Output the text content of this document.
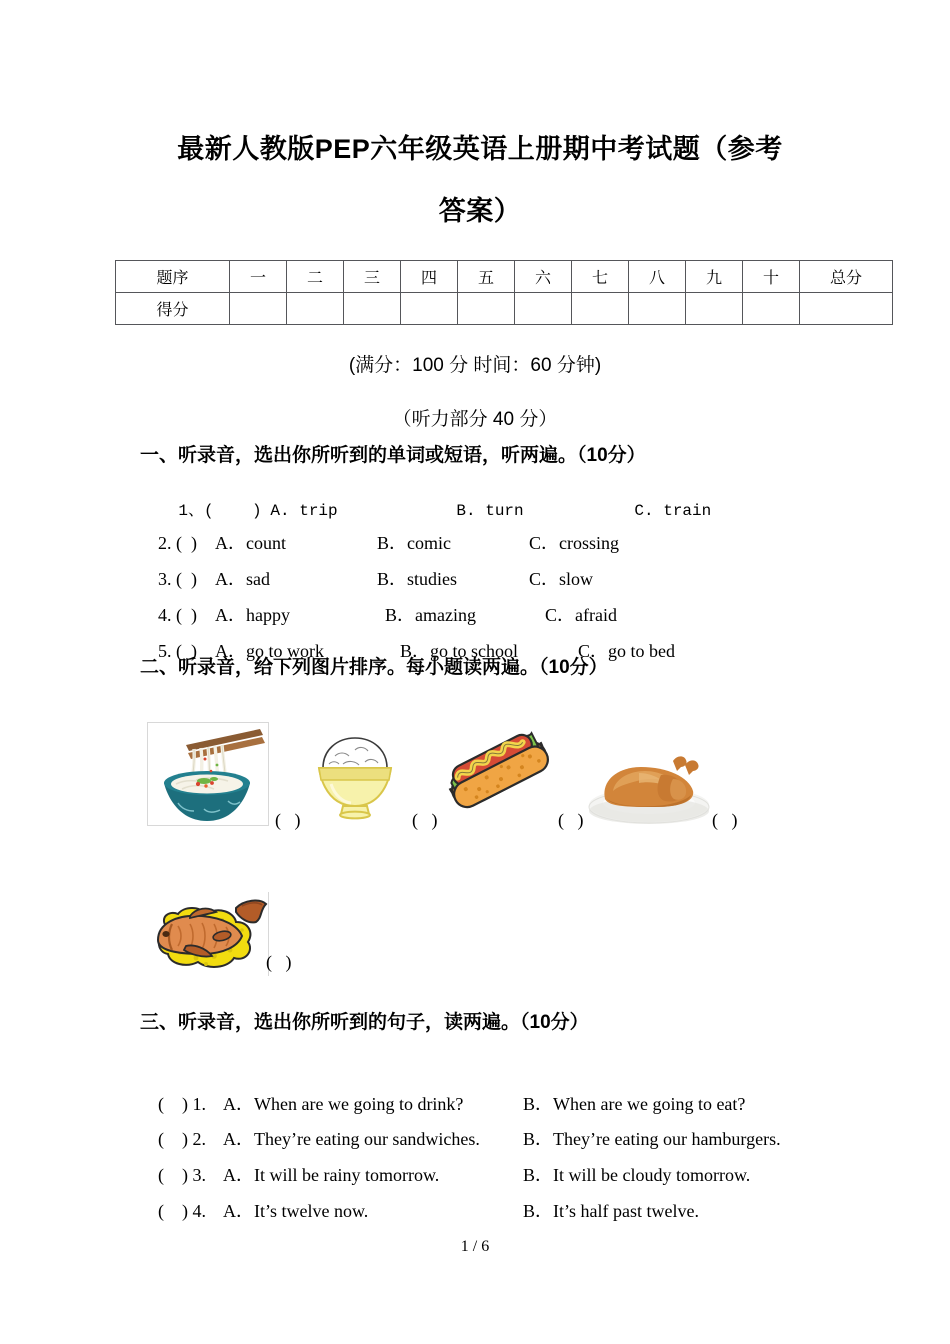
最新人教版PEP六年级英语上册期中考试题（参考
答案）
题序	一	二	三	四	五	六	七	八	九	十	总分
得分											
(满分：100 分 时间：60 分钟)
（听力部分 40 分）
一、听录音，选出你所听到的单词或短语，听两遍。（10分）

1、(    ) A. trip	B. turn	C. train

2. (  ) A．count	B．comic	C．crossing

3. (  ) A．sad	B．studies	C．slow

4. (  ) A．happy	B．amazing	C．afraid

5. (  ) A．go to work	B．go to school	C．go to bed

二、听录音，给下列图片排序。每小题读两遍。（10分）
(   )	(   )	(   )	(   )
(   )
三、听录音，选出你所听到的句子，读两遍。（10分）

(    ) 1. A．When are we going to drink?	B．When are we going to eat?

(    ) 2. A．They’re eating our sandwiches. B．They’re eating our hamburgers.

(    ) 3. A．It will be rainy tomorrow.	B．It will be cloudy tomorrow.

(    ) 4. A．It’s twelve now.	B．It’s half past twelve.

1 / 6
